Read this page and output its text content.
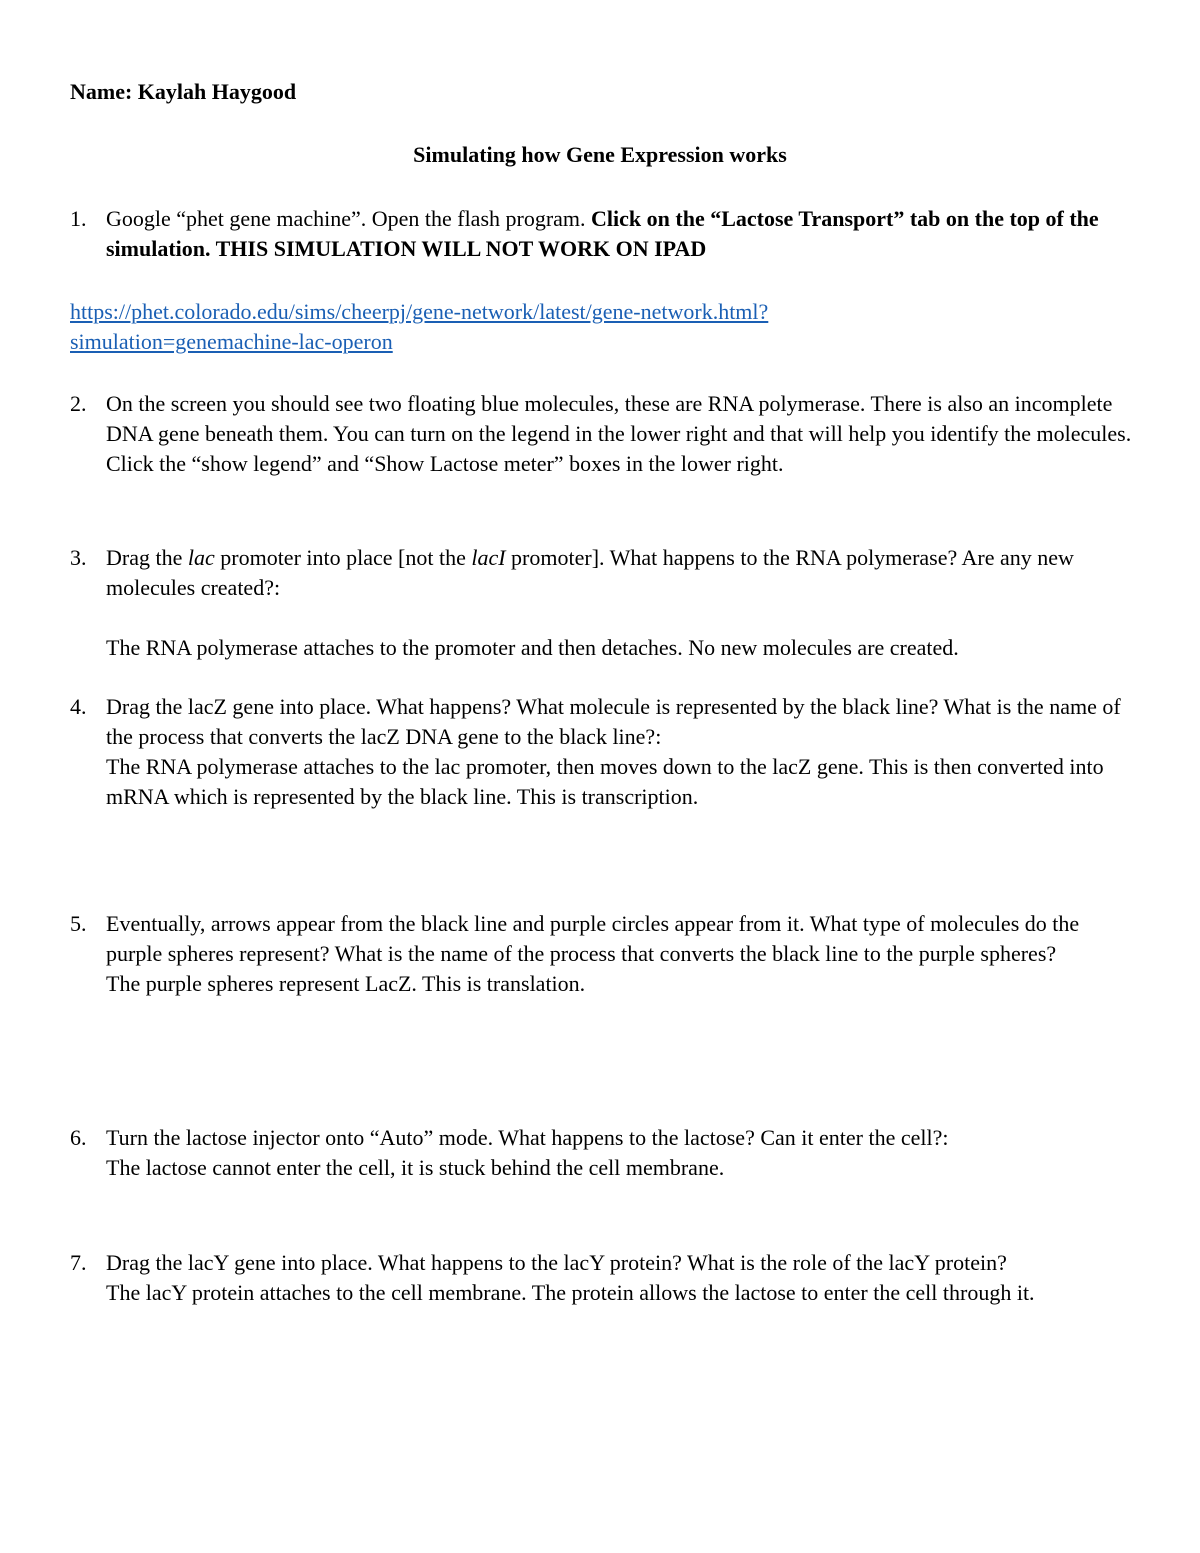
Name: Kaylah Haygood
Simulating how Gene Expression works
1. Google “phet gene machine”. Open the flash program. Click on the “Lactose Transport” tab on the top of the simulation. THIS SIMULATION WILL NOT WORK ON IPAD
https://phet.colorado.edu/sims/cheerpj/gene-network/latest/gene-network.html?
simulation=genemachine-lac-operon
2. On the screen you should see two floating blue molecules, these are RNA polymerase. There is also an incomplete DNA gene beneath them. You can turn on the legend in the lower right and that will help you identify the molecules. Click the “show legend” and “Show Lactose meter” boxes in the lower right.
3. Drag the lac promoter into place [not the lacI promoter]. What happens to the RNA polymerase? Are any new molecules created?:

The RNA polymerase attaches to the promoter and then detaches. No new molecules are created.

4. Drag the lacZ gene into place. What happens? What molecule is represented by the black line? What is the name of the process that converts the lacZ DNA gene to the black line?:

The RNA polymerase attaches to the lac promoter, then moves down to the lacZ gene. This is then converted into mRNA which is represented by the black line. This is transcription.

5. Eventually, arrows appear from the black line and purple circles appear from it. What type of molecules do the purple spheres represent? What is the name of the process that converts the black line to the purple spheres?

The purple spheres represent LacZ. This is translation.

6. Turn the lactose injector onto “Auto” mode. What happens to the lactose? Can it enter the cell?:

The lactose cannot enter the cell, it is stuck behind the cell membrane.

7. Drag the lacY gene into place. What happens to the lacY protein? What is the role of the lacY protein?

The lacY protein attaches to the cell membrane. The protein allows the lactose to enter the cell through it.
